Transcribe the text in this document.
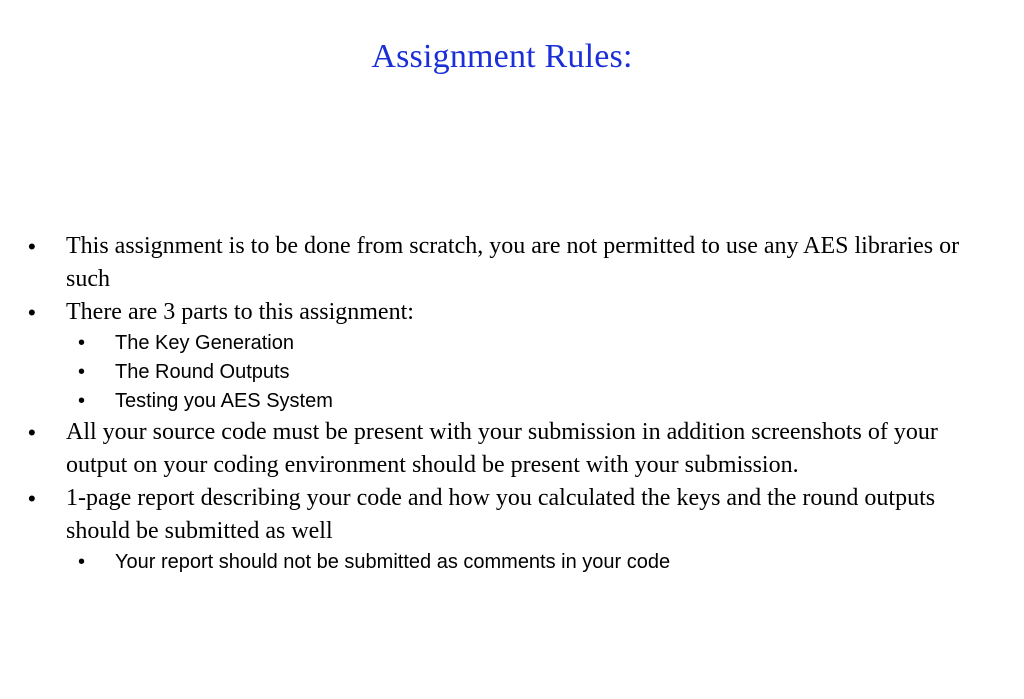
Assignment Rules:
• This assignment is to be done from scratch, you are not permitted to use any AES libraries or such
• There are 3 parts to this assignment:
• The Key Generation
• The Round Outputs
• Testing you AES System
• All your source code must be present with your submission in addition screenshots of your output on your coding environment should be present with your submission.
• 1-page report describing your code and how you calculated the keys and the round outputs should be submitted as well
• Your report should not be submitted as comments in your code
